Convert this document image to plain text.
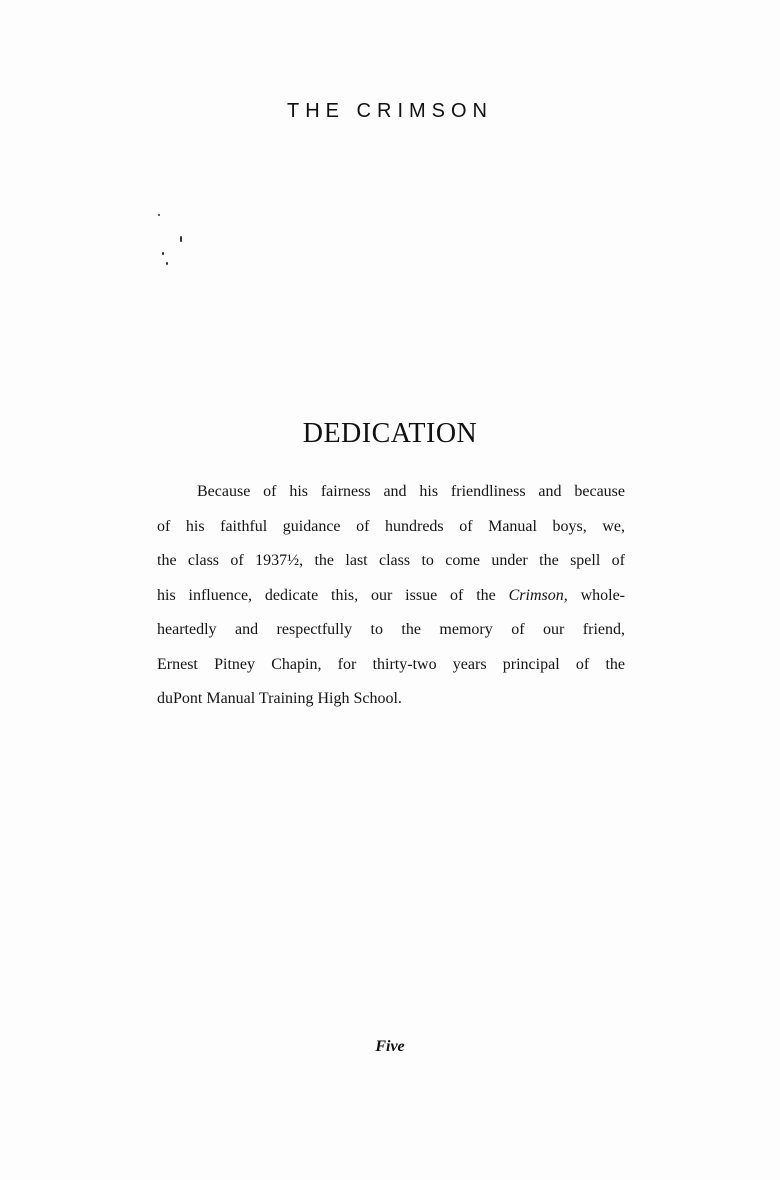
THE CRIMSON
DEDICATION
Because of his fairness and his friendliness and because
of his faithful guidance of hundreds of Manual boys, we,
the class of 1937½, the last class to come under the spell of
his influence, dedicate this, our issue of the Crimson, whole-
heartedly and respectfully to the memory of our friend,
Ernest Pitney Chapin, for thirty-two years principal of the
duPont Manual Training High School.
Five
